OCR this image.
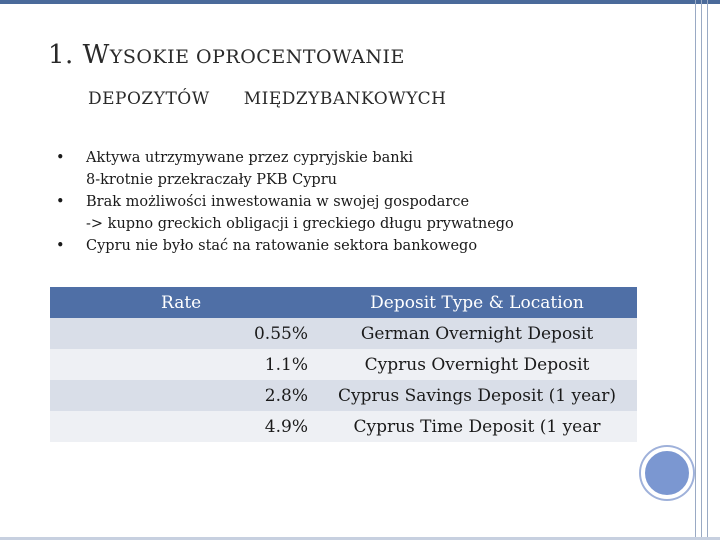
1. WYSOKIE OPROCENTOWANIE
DEPOZYTÓW MIĘDZYBANKOWYCH
• Aktywa utrzymywane przez cypryjskie banki
8-krotnie przekraczały PKB Cypru
• Brak możliwości inwestowania w swojej gospodarce
-> kupno greckich obligacji i greckiego długu prywatnego
• Cypru nie było stać na ratowanie sektora bankowego
Rate	Deposit Type & Location
0.55%	German Overnight Deposit
1.1%	Cyprus Overnight Deposit
2.8%	Cyprus Savings Deposit (1 year)
4.9%	Cyprus Time Deposit (1 year
